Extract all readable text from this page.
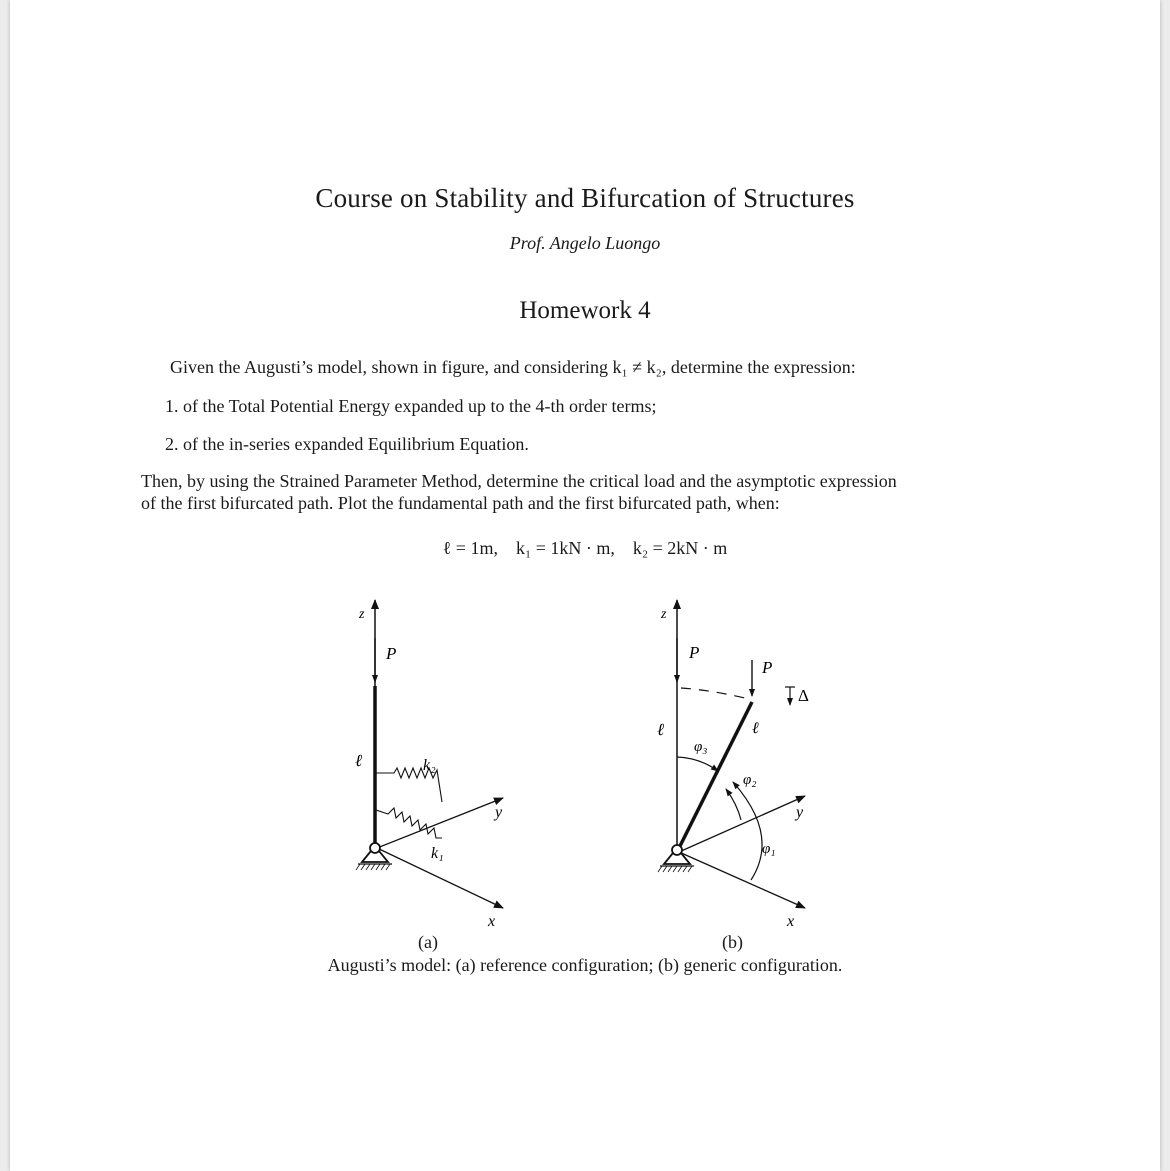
Course on Stability and Bifurcation of Structures
Prof. Angelo Luongo
Homework 4
Given the Augusti’s model, shown in figure, and considering k₁ ≠ k₂, determine the expression:
1. of the Total Potential Energy expanded up to the 4-th order terms;
2. of the in-series expanded Equilibrium Equation.
Then, by using the Strained Parameter Method, determine the critical load and the asymptotic expression
of the first bifurcated path. Plot the fundamental path and the first bifurcated path, when:
ℓ = 1m,    k₁ = 1kN · m,    k₂ = 2kN · m
z
P
ℓ	k₂
k₁
y
x
z
P
P
Δ
ℓ	ℓ
φ₃
φ₂
φ₁
y
x
(a)	(b)
Augusti’s model: (a) reference configuration; (b) generic configuration.
